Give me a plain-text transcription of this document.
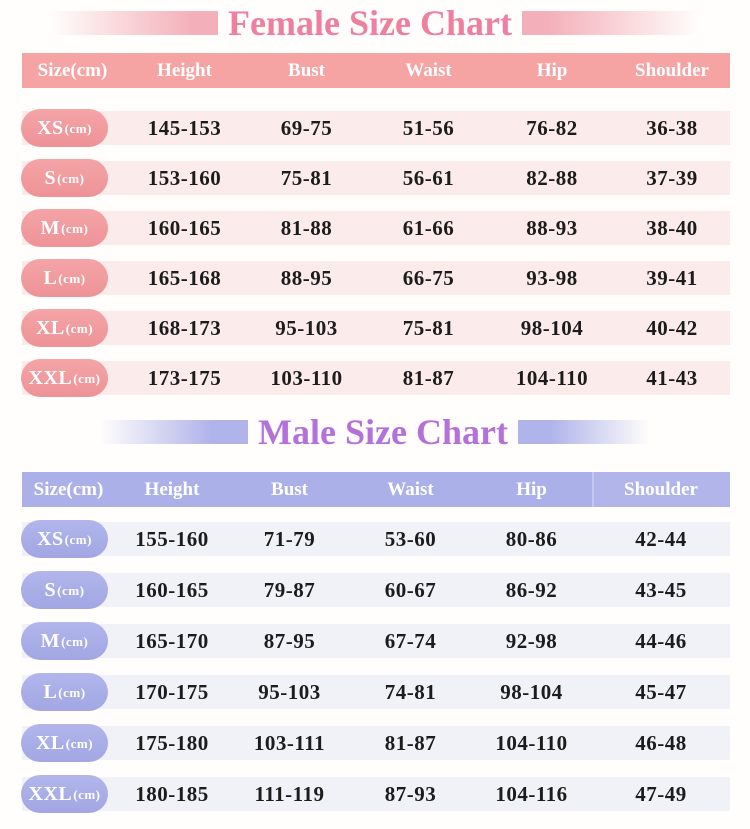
Female Size Chart
Size(cm)	Height	Bust	Waist	Hip	Shoulder
XS (cm)	145-153	69-75	51-56	76-82	36-38
S (cm)	153-160	75-81	56-61	82-88	37-39
M (cm)	160-165	81-88	61-66	88-93	38-40
L (cm)	165-168	88-95	66-75	93-98	39-41
XL (cm)	168-173	95-103	75-81	98-104	40-42
XXL (cm)	173-175	103-110	81-87	104-110	41-43
Male Size Chart
Size(cm)	Height	Bust	Waist	Hip	Shoulder
XS (cm)	155-160	71-79	53-60	80-86	42-44
S (cm)	160-165	79-87	60-67	86-92	43-45
M (cm)	165-170	87-95	67-74	92-98	44-46
L (cm)	170-175	95-103	74-81	98-104	45-47
XL (cm)	175-180	103-111	81-87	104-110	46-48
XXL (cm)	180-185	111-119	87-93	104-116	47-49
